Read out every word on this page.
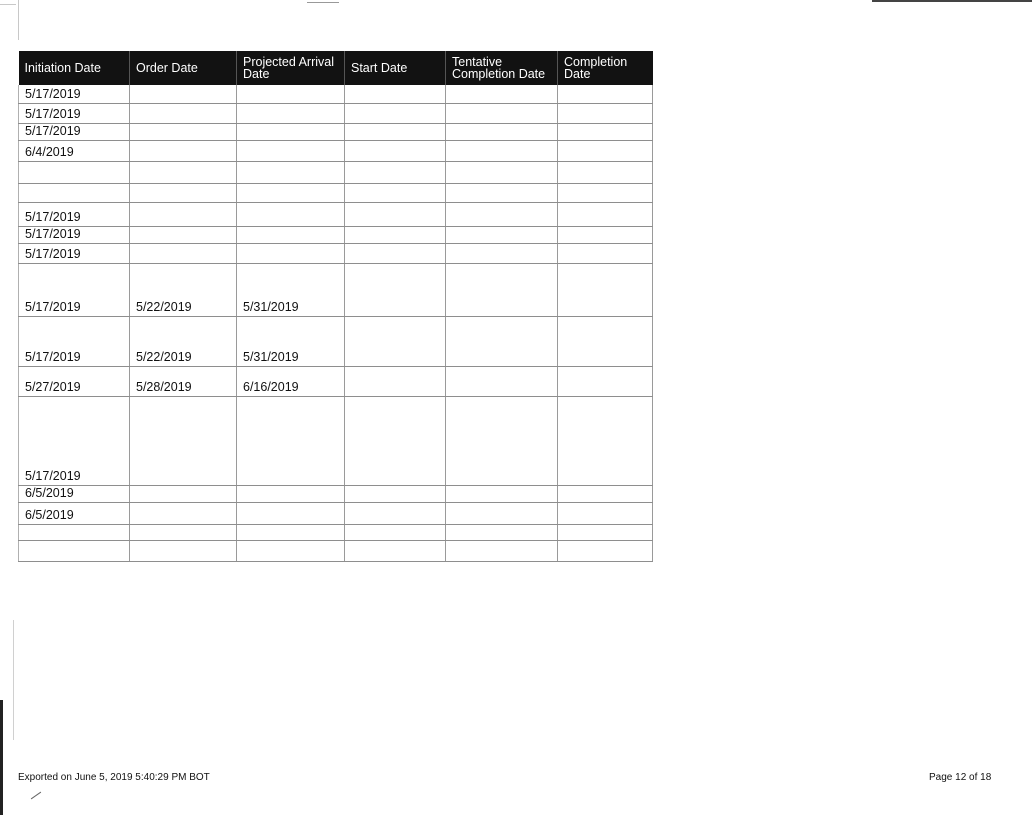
Initiation Date	Order Date	Projected Arrival Date	Start Date	Tentative Completion Date	Completion Date
5/17/2019					
5/17/2019					
5/17/2019					
6/4/2019					

5/17/2019					
5/17/2019					
5/17/2019					
5/17/2019	5/22/2019	5/31/2019			
5/17/2019	5/22/2019	5/31/2019			
5/27/2019	5/28/2019	6/16/2019			
5/17/2019					
6/5/2019					
6/5/2019					

Exported on June 5, 2019 5:40:29 PM BOT	Page 12 of 18
